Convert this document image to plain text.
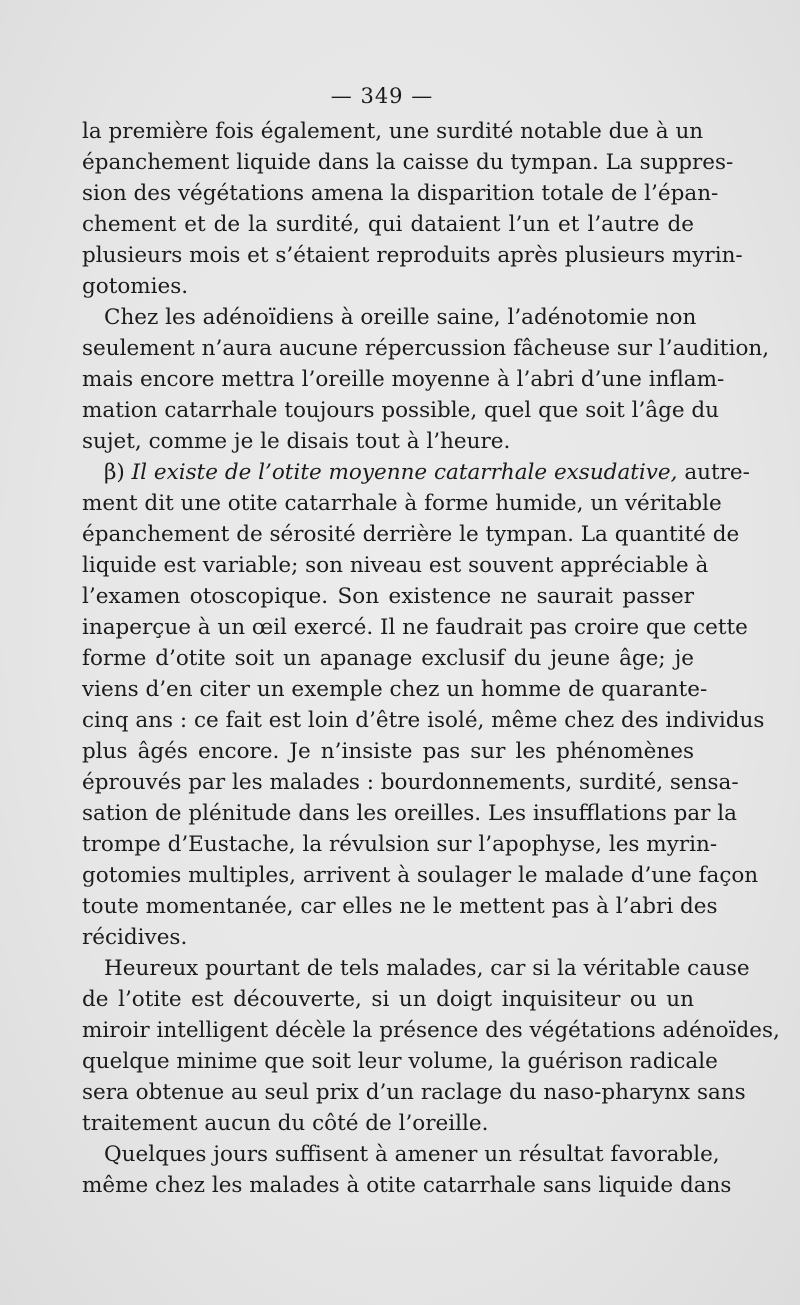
— 349 —
la première fois également, une surdité notable due à un
épanchement liquide dans la caisse du tympan. La suppres-
sion des végétations amena la disparition totale de l’épan-
chement et de la surdité, qui dataient l’un et l’autre de
plusieurs mois et s’étaient reproduits après plusieurs myrin-
gotomies.
Chez les adénoïdiens à oreille saine, l’adénotomie non
seulement n’aura aucune répercussion fâcheuse sur l’audition,
mais encore mettra l’oreille moyenne à l’abri d’une inflam-
mation catarrhale toujours possible, quel que soit l’âge du
sujet, comme je le disais tout à l’heure.
β) Il existe de l’otite moyenne catarrhale exsudative, autre-
ment dit une otite catarrhale à forme humide, un véritable
épanchement de sérosité derrière le tympan. La quantité de
liquide est variable; son niveau est souvent appréciable à
l’examen otoscopique. Son existence ne saurait passer
inaperçue à un œil exercé. Il ne faudrait pas croire que cette
forme d’otite soit un apanage exclusif du jeune âge; je
viens d’en citer un exemple chez un homme de quarante-
cinq ans : ce fait est loin d’être isolé, même chez des individus
plus âgés encore. Je n’insiste pas sur les phénomènes
éprouvés par les malades : bourdonnements, surdité, sensa-
sation de plénitude dans les oreilles. Les insufflations par la
trompe d’Eustache, la révulsion sur l’apophyse, les myrin-
gotomies multiples, arrivent à soulager le malade d’une façon
toute momentanée, car elles ne le mettent pas à l’abri des
récidives.
Heureux pourtant de tels malades, car si la véritable cause
de l’otite est découverte, si un doigt inquisiteur ou un
miroir intelligent décèle la présence des végétations adénoïdes,
quelque minime que soit leur volume, la guérison radicale
sera obtenue au seul prix d’un raclage du naso-pharynx sans
traitement aucun du côté de l’oreille.
Quelques jours suffisent à amener un résultat favorable,
même chez les malades à otite catarrhale sans liquide dans
